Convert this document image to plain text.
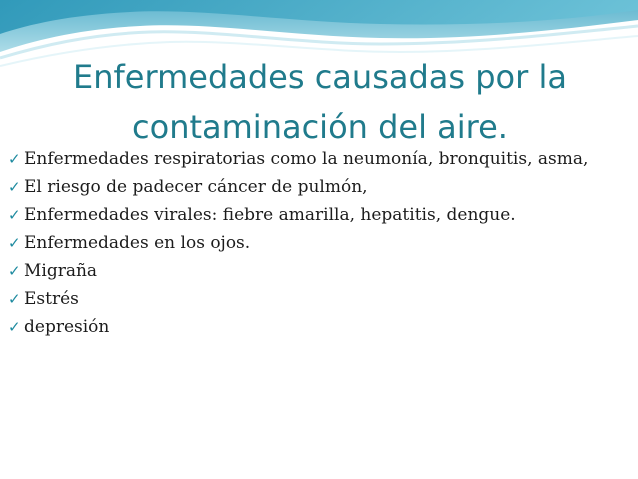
Enfermedades causadas por la contaminación del aire.
✓ Enfermedades respiratorias como la neumonía, bronquitis, asma,
✓ El riesgo de padecer cáncer de pulmón,
✓ Enfermedades virales: fiebre amarilla, hepatitis, dengue.
✓ Enfermedades en los ojos.
✓ Migraña
✓ Estrés
✓ depresión
